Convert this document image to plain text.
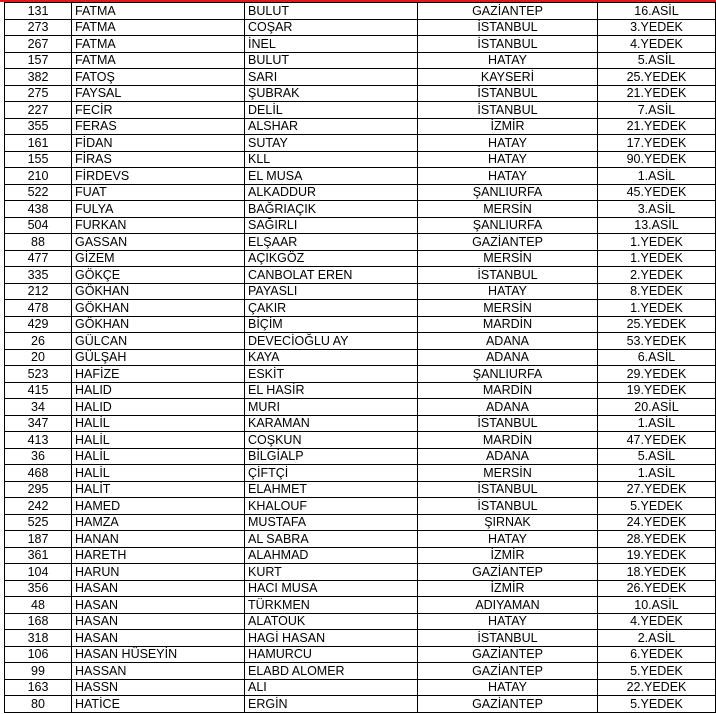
131	FATMA	BULUT	GAZİANTEP	16.ASİL
273	FATMA	COŞAR	İSTANBUL	3.YEDEK
267	FATMA	İNEL	İSTANBUL	4.YEDEK
157	FATMA	BULUT	HATAY	5.ASİL
382	FATOŞ	SARI	KAYSERİ	25.YEDEK
275	FAYSAL	ŞUBRAK	İSTANBUL	21.YEDEK
227	FECİR	DELİL	İSTANBUL	7.ASİL
355	FERAS	ALSHAR	İZMİR	21.YEDEK
161	FİDAN	SUTAY	HATAY	17.YEDEK
155	FİRAS	KLL	HATAY	90.YEDEK
210	FİRDEVS	EL MUSA	HATAY	1.ASİL
522	FUAT	ALKADDUR	ŞANLIURFA	45.YEDEK
438	FULYA	BAĞRIAÇIK	MERSİN	3.ASİL
504	FURKAN	SAĞIRLI	ŞANLIURFA	13.ASİL
88	GASSAN	ELŞAAR	GAZİANTEP	1.YEDEK
477	GİZEM	AÇIKGÖZ	MERSİN	1.YEDEK
335	GÖKÇE	CANBOLAT EREN	İSTANBUL	2.YEDEK
212	GÖKHAN	PAYASLI	HATAY	8.YEDEK
478	GÖKHAN	ÇAKIR	MERSİN	1.YEDEK
429	GÖKHAN	BİÇİM	MARDİN	25.YEDEK
26	GÜLCAN	DEVECİOĞLU AY	ADANA	53.YEDEK
20	GÜLŞAH	KAYA	ADANA	6.ASİL
523	HAFİZE	ESKİT	ŞANLIURFA	29.YEDEK
415	HALID	EL HASİR	MARDİN	19.YEDEK
34	HALID	MURI	ADANA	20.ASİL
347	HALİL	KARAMAN	İSTANBUL	1.ASİL
413	HALİL	COŞKUN	MARDİN	47.YEDEK
36	HALİL	BİLGİALP	ADANA	5.ASİL
468	HALİL	ÇİFTÇİ	MERSİN	1.ASİL
295	HALİT	ELAHMET	İSTANBUL	27.YEDEK
242	HAMED	KHALOUF	İSTANBUL	5.YEDEK
525	HAMZA	MUSTAFA	ŞIRNAK	24.YEDEK
187	HANAN	AL SABRA	HATAY	28.YEDEK
361	HARETH	ALAHMAD	İZMİR	19.YEDEK
104	HARUN	KURT	GAZİANTEP	18.YEDEK
356	HASAN	HACI MUSA	İZMİR	26.YEDEK
48	HASAN	TÜRKMEN	ADIYAMAN	10.ASİL
168	HASAN	ALATOUK	HATAY	4.YEDEK
318	HASAN	HAGİ HASAN	İSTANBUL	2.ASİL
106	HASAN HÜSEYİN	HAMURCU	GAZİANTEP	6.YEDEK
99	HASSAN	ELABD ALOMER	GAZİANTEP	5.YEDEK
163	HASSN	ALI	HATAY	22.YEDEK
80	HATİCE	ERGİN	GAZİANTEP	5.YEDEK
